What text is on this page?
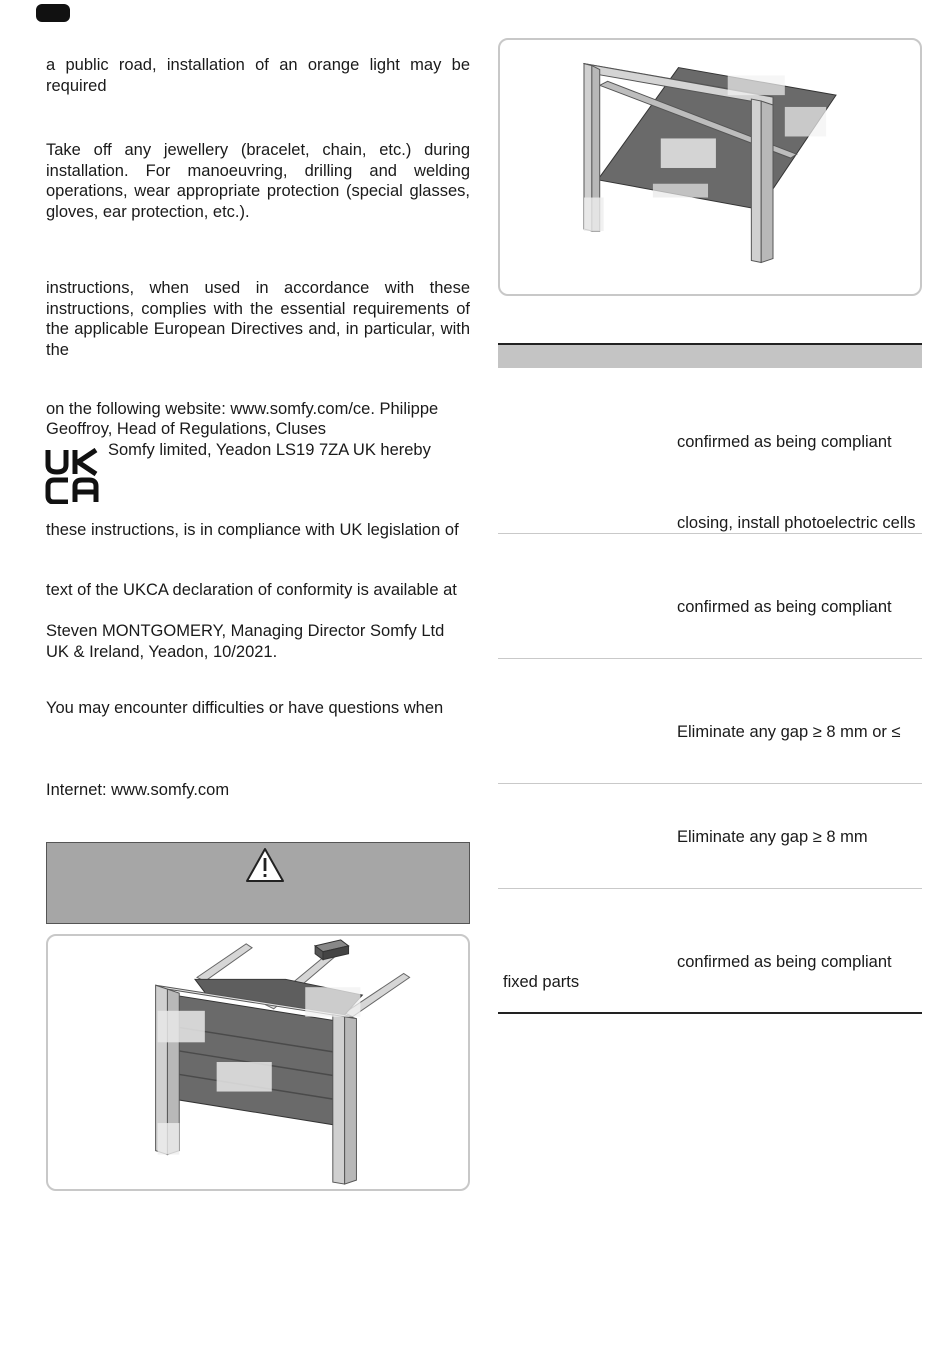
a public road, installation of an orange light may be required
Take off any jewellery (bracelet, chain, etc.) during installation. For manoeuvring, drilling and welding operations, wear appropriate protection (special glasses, gloves, ear protection, etc.).
instructions, when used in accordance with these instructions, complies with the essential requirements of the applicable European Directives and, in particular, with the
on the following website: www.somfy.com/ce. Philippe
Geoffroy, Head of Regulations, Cluses
Somfy limited, Yeadon LS19 7ZA UK hereby
these instructions, is in compliance with UK legislation of
text of the UKCA declaration of conformity is available at
Steven MONTGOMERY, Managing Director Somfy Ltd UK & Ireland, Yeadon, 10/2021.
You may encounter difficulties or have questions when
Internet: www.somfy.com
confirmed as being compliant
closing, install photoelectric cells
confirmed as being compliant
Eliminate any gap ≥ 8 mm or ≤
Eliminate any gap ≥ 8 mm
confirmed as being compliant
fixed parts
